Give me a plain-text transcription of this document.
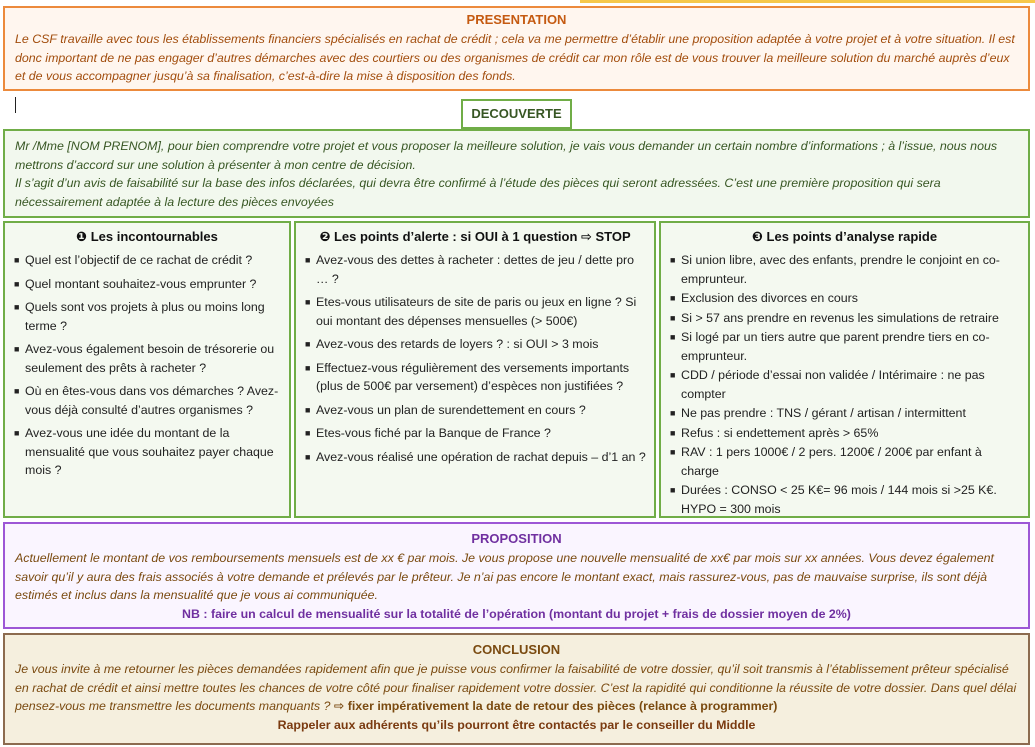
PRESENTATION
Le CSF travaille avec tous les établissements financiers spécialisés en rachat de crédit ; cela va me permettre d’établir une proposition adaptée à votre projet et à votre situation. Il est donc important de ne pas engager d’autres démarches avec des courtiers ou des organismes de crédit car mon rôle est de vous trouver la meilleure solution du marché auprès d’eux et de vous accompagner jusqu’à sa finalisation, c’est-à-dire la mise à disposition des fonds.
DECOUVERTE
Mr /Mme [NOM PRENOM], pour bien comprendre votre projet et vous proposer la meilleure solution, je vais vous demander un certain nombre d’informations ; à l’issue, nous nous mettrons d’accord sur une solution à présenter à mon centre de décision.
Il s’agit d’un avis de faisabilité sur la base des infos déclarées, qui devra être confirmé à l’étude des pièces qui seront adressées. C’est une première proposition qui sera nécessairement adaptée à la lecture des pièces envoyées
❶ Les incontournables
■ Quel est l’objectif de ce rachat de crédit ?
■ Quel montant souhaitez-vous emprunter ?
■ Quels sont vos projets à plus ou moins long terme ?
■ Avez-vous également besoin de trésorerie ou seulement des prêts à racheter ?
■ Où en êtes-vous dans vos démarches ? Avez-vous déjà consulté d’autres organismes ?
■ Avez-vous une idée du montant de la mensualité que vous souhaitez payer chaque mois ?
❷ Les points d’alerte : si OUI à 1 question ⇨ STOP
■ Avez-vous des dettes à racheter : dettes de jeu / dette pro … ?
■ Etes-vous utilisateurs de site de paris ou jeux en ligne ? Si oui montant des dépenses mensuelles (> 500€)
■ Avez-vous des retards de loyers ? : si OUI > 3 mois
■ Effectuez-vous régulièrement des versements importants (plus de 500€ par versement) d’espèces non justifiées ?
■ Avez-vous un plan de surendettement en cours ?
■ Etes-vous fiché par la Banque de France ?
■ Avez-vous réalisé une opération de rachat depuis – d’1 an ?
❸ Les points d’analyse rapide
■ Si union libre, avec des enfants, prendre le conjoint en co-emprunteur.
■ Exclusion des divorces en cours
■ Si > 57 ans prendre en revenus les simulations de retraire
■ Si logé par un tiers autre que parent prendre tiers en co-emprunteur.
■ CDD / période d’essai non validée / Intérimaire : ne pas compter
■ Ne pas prendre : TNS / gérant / artisan / intermittent
■ Refus : si endettement après > 65%
■ RAV : 1 pers 1000€ / 2 pers. 1200€ / 200€ par enfant à charge
■ Durées : CONSO < 25 K€= 96 mois / 144 mois si >25 K€. HYPO = 300 mois
PROPOSITION
Actuellement le montant de vos remboursements mensuels est de xx € par mois. Je vous propose une nouvelle mensualité de xx€ par mois sur xx années. Vous devez également savoir qu’il y aura des frais associés à votre demande et prélevés par le prêteur. Je n’ai pas encore le montant exact, mais rassurez-vous, pas de mauvaise surprise, ils sont déjà estimés et inclus dans la mensualité que je vous ai communiquée.
NB : faire un calcul de mensualité sur la totalité de l’opération (montant du projet + frais de dossier moyen de 2%)
CONCLUSION
Je vous invite à me retourner les pièces demandées rapidement afin que je puisse vous confirmer la faisabilité de votre dossier, qu’il soit transmis à l’établissement prêteur spécialisé en rachat de crédit et ainsi mettre toutes les chances de votre côté pour finaliser rapidement votre dossier. C’est la rapidité qui conditionne la réussite de votre dossier. Dans quel délai pensez-vous me transmettre les documents manquants ? ⇨ fixer impérativement la date de retour des pièces (relance à programmer)
Rappeler aux adhérents qu’ils pourront être contactés par le conseiller du Middle
